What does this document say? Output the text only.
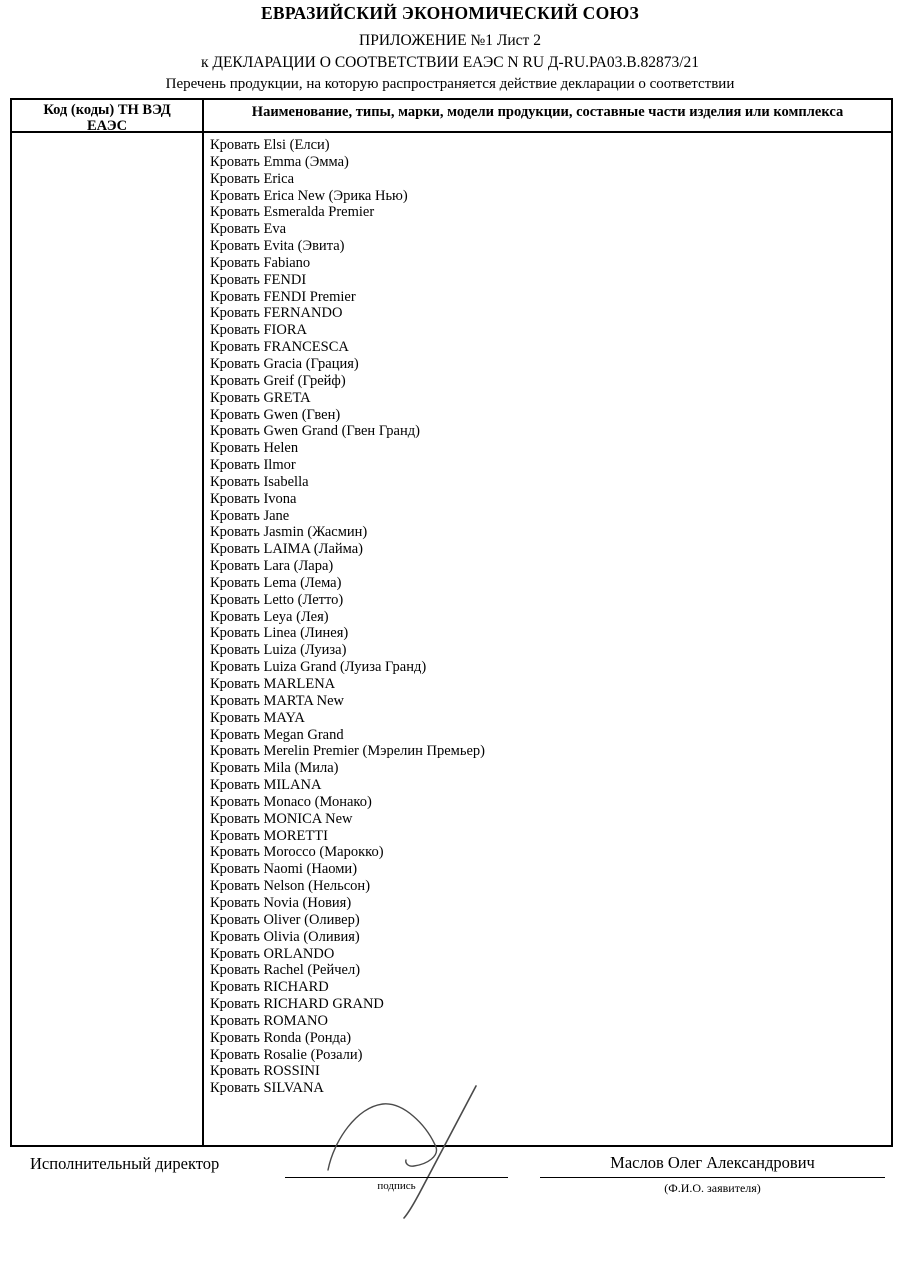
ЕВРАЗИЙСКИЙ ЭКОНОМИЧЕСКИЙ СОЮЗ
ПРИЛОЖЕНИЕ №1 Лист 2
к ДЕКЛАРАЦИИ О СООТВЕТСТВИИ ЕАЭС N RU Д-RU.РА03.В.82873/21
Перечень продукции, на которую распространяется действие декларации о соответствии
Код (коды) ТН ВЭД
ЕАЭС
Наименование, типы, марки, модели продукции, составные части изделия или комплекса
Кровать Elsi (Елси)
Кровать Emma (Эмма)
Кровать Erica
Кровать Erica New (Эрика Нью)
Кровать Esmeralda Premier
Кровать Eva
Кровать Evita (Эвита)
Кровать Fabiano
Кровать FENDI
Кровать FENDI Premier
Кровать FERNANDO
Кровать FIORA
Кровать FRANCESCA
Кровать Gracia (Грация)
Кровать Greif (Грейф)
Кровать GRETA
Кровать Gwen (Гвен)
Кровать Gwen Grand (Гвен Гранд)
Кровать Helen
Кровать Ilmor
Кровать Isabella
Кровать Ivona
Кровать Jane
Кровать Jasmin (Жасмин)
Кровать LAIMA (Лайма)
Кровать Lara (Лара)
Кровать Lema (Лема)
Кровать Letto (Летто)
Кровать Leya (Лея)
Кровать Linea (Линея)
Кровать Luiza (Луиза)
Кровать Luiza Grand (Луиза Гранд)
Кровать MARLENA
Кровать MARTA New
Кровать MAYA
Кровать Megan Grand
Кровать Merelin Premier (Мэрелин Премьер)
Кровать Mila (Мила)
Кровать MILANA
Кровать Monaco (Монако)
Кровать MONICA New
Кровать MORETTI
Кровать Morocco (Марокко)
Кровать Naomi (Наоми)
Кровать Nelson (Нельсон)
Кровать Novia (Новия)
Кровать Oliver (Оливер)
Кровать Olivia (Оливия)
Кровать ORLANDO
Кровать Rachel (Рейчел)
Кровать RICHARD
Кровать RICHARD GRAND
Кровать ROMANO
Кровать Ronda (Ронда)
Кровать Rosalie (Розали)
Кровать ROSSINI
Кровать SILVANA
Исполнительный директор
подпись
Маслов Олег Александрович
(Ф.И.О. заявителя)
